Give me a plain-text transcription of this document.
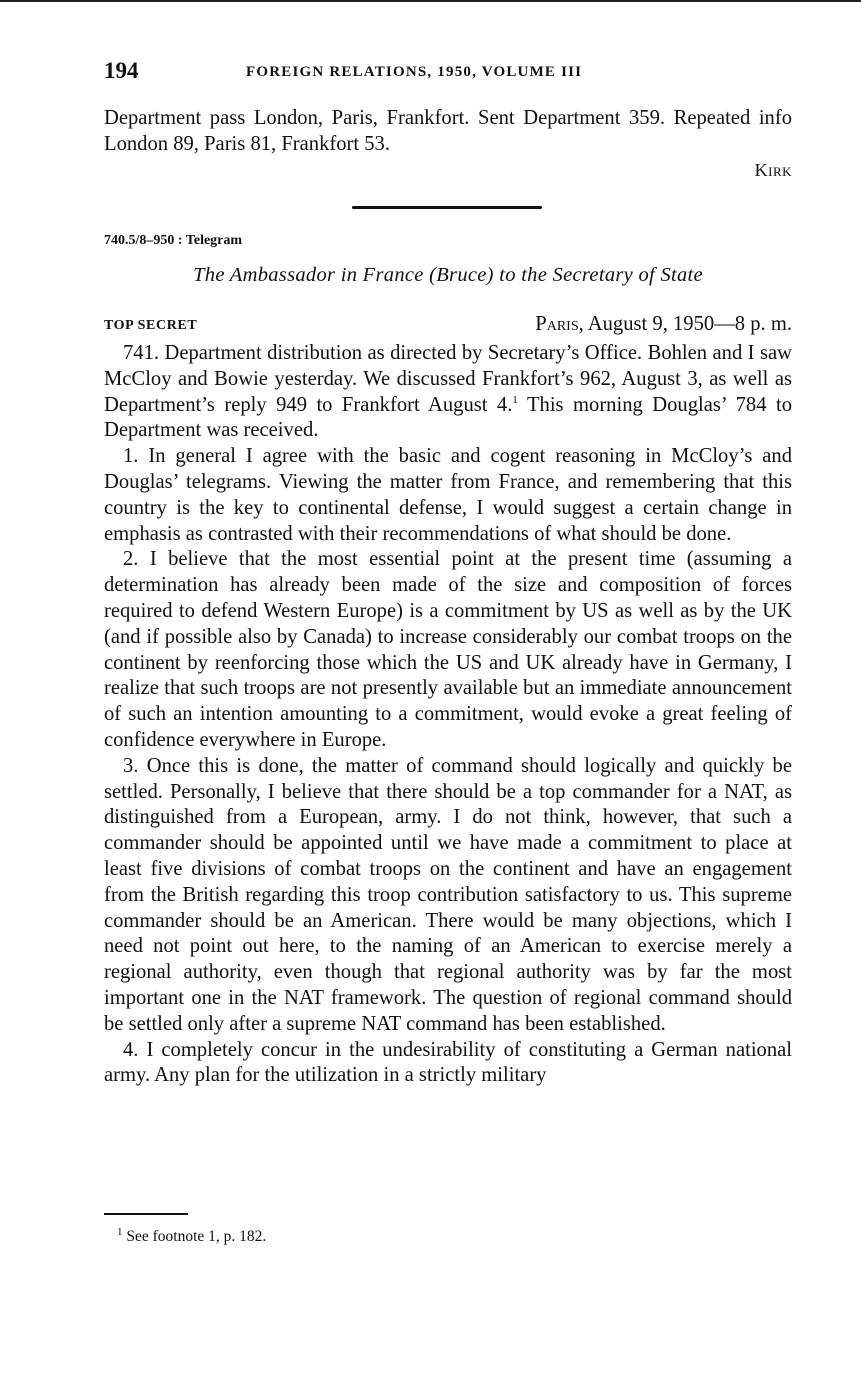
194	FOREIGN RELATIONS, 1950, VOLUME III

Department pass London, Paris, Frankfort. Sent Department 359. Repeated info London 89, Paris 81, Frankfort 53.

Kirk
740.5/8–950 : Telegram
The Ambassador in France (Bruce) to the Secretary of State
TOP SECRET	Paris, August 9, 1950—8 p. m.

741. Department distribution as directed by Secretary’s Office. Bohlen and I saw McCloy and Bowie yesterday. We discussed Frankfort’s 962, August 3, as well as Department’s reply 949 to Frankfort August 4.$^1$ This morning Douglas’ 784 to Department was received.

1. In general I agree with the basic and cogent reasoning in McCloy’s and Douglas’ telegrams. Viewing the matter from France, and remembering that this country is the key to continental defense, I would suggest a certain change in emphasis as contrasted with their recommendations of what should be done.

2. I believe that the most essential point at the present time (assuming a determination has already been made of the size and composition of forces required to defend Western Europe) is a commitment by US as well as by the UK (and if possible also by Canada) to increase considerably our combat troops on the continent by reenforcing those which the US and UK already have in Germany, I realize that such troops are not presently available but an immediate announcement of such an intention amounting to a commitment, would evoke a great feeling of confidence everywhere in Europe.

3. Once this is done, the matter of command should logically and quickly be settled. Personally, I believe that there should be a top commander for a NAT, as distinguished from a European, army. I do not think, however, that such a commander should be appointed until we have made a commitment to place at least five divisions of combat troops on the continent and have an engagement from the British regarding this troop contribution satisfactory to us. This supreme commander should be an American. There would be many objections, which I need not point out here, to the naming of an American to exercise merely a regional authority, even though that regional authority was by far the most important one in the NAT framework. The question of regional command should be settled only after a supreme NAT command has been established.

4. I completely concur in the undesirability of constituting a German national army. Any plan for the utilization in a strictly military

$^1$ See footnote 1, p. 182.
